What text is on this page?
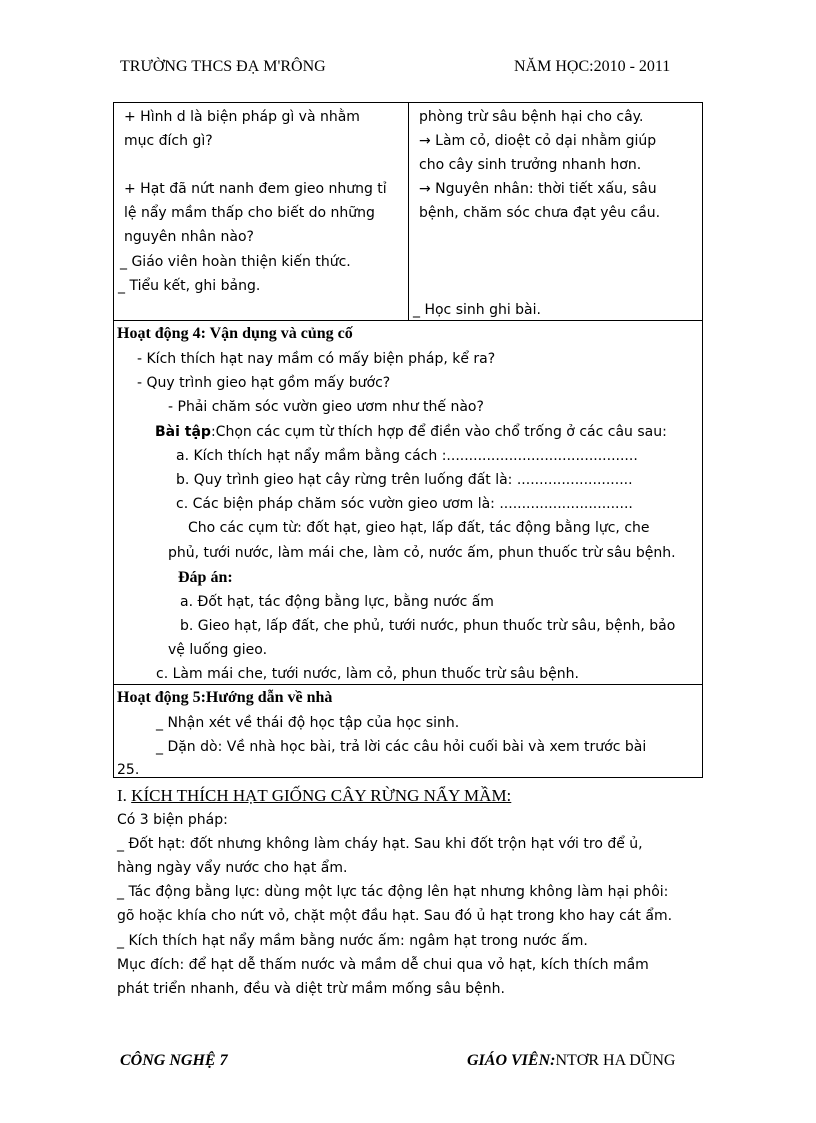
TRƯỜNG THCS ĐẠ M'RÔNG	NĂM HỌC:2010 - 2011
+ Hình d là biện pháp gì và nhằm
mục đích gì?
+ Hạt đã nứt nanh đem gieo nhưng tỉ
lệ nẩy mầm thấp cho biết do những
nguyên nhân nào?
_ Giáo viên hoàn thiện kiến thức.
_ Tiểu kết, ghi bảng.
phòng trừ sâu bệnh hại cho cây.
→ Làm cỏ, dioệt cỏ dại nhằm giúp
cho cây sinh trưởng nhanh hơn.
→ Nguyên nhân: thời tiết xấu, sâu
bệnh, chăm sóc chưa đạt yêu cầu.
_ Học sinh ghi bài.
Hoạt động 4: Vận dụng và củng cố
- Kích thích hạt nay mầm có mấy biện pháp, kể ra?
- Quy trình gieo hạt gồm mấy bước?
- Phải chăm sóc vườn gieo ươm như thế nào?
Bài tập:Chọn các cụm từ thích hợp để điền vào chổ trống ở các câu sau:
a. Kích thích hạt nẩy mầm bằng cách :...........................................
b. Quy trình gieo hạt cây rừng trên luống đất là: ..........................
c. Các biện pháp chăm sóc vườn gieo ươm là: ..............................
Cho các cụm từ: đốt hạt, gieo hạt, lấp đất, tác động bằng lực, che
phủ, tưới nước, làm mái che, làm cỏ, nước ấm, phun thuốc trừ sâu bệnh.
Đáp án:
a. Đốt hạt, tác động bằng lực, bằng nước ấm
b. Gieo hạt, lấp đất, che phủ, tưới nước, phun thuốc trừ sâu, bệnh, bảo
vệ luống gieo.
c. Làm mái che, tưới nước, làm cỏ, phun thuốc trừ sâu bệnh.
Hoạt động 5:Hướng dẫn về nhà
_ Nhận xét về thái độ học tập của học sinh.
_ Dặn dò: Về nhà học bài, trả lời các câu hỏi cuối bài và xem trước bài
25.
I. KÍCH THÍCH HẠT GIỐNG CÂY RỪNG NẨY MẦM:
Có 3 biện pháp:
_ Đốt hạt: đốt nhưng không làm cháy hạt. Sau khi đốt trộn hạt với tro để ủ,
hàng ngày vẩy nước cho hạt ẩm.
_ Tác động bằng lực: dùng một lực tác động lên hạt nhưng không làm hại phôi:
gõ hoặc khía cho nứt vỏ, chặt một đầu hạt. Sau đó ủ hạt trong kho hay cát ẩm.
_ Kích thích hạt nẩy mầm bằng nước ấm: ngâm hạt trong nước ấm.
Mục đích: để hạt dễ thấm nước và mầm dễ chui qua vỏ hạt, kích thích mầm
phát triển nhanh, đều và diệt trừ mầm mống sâu bệnh.
CÔNG NGHỆ 7	GIÁO VIÊN:NTƠR HA DŨNG
